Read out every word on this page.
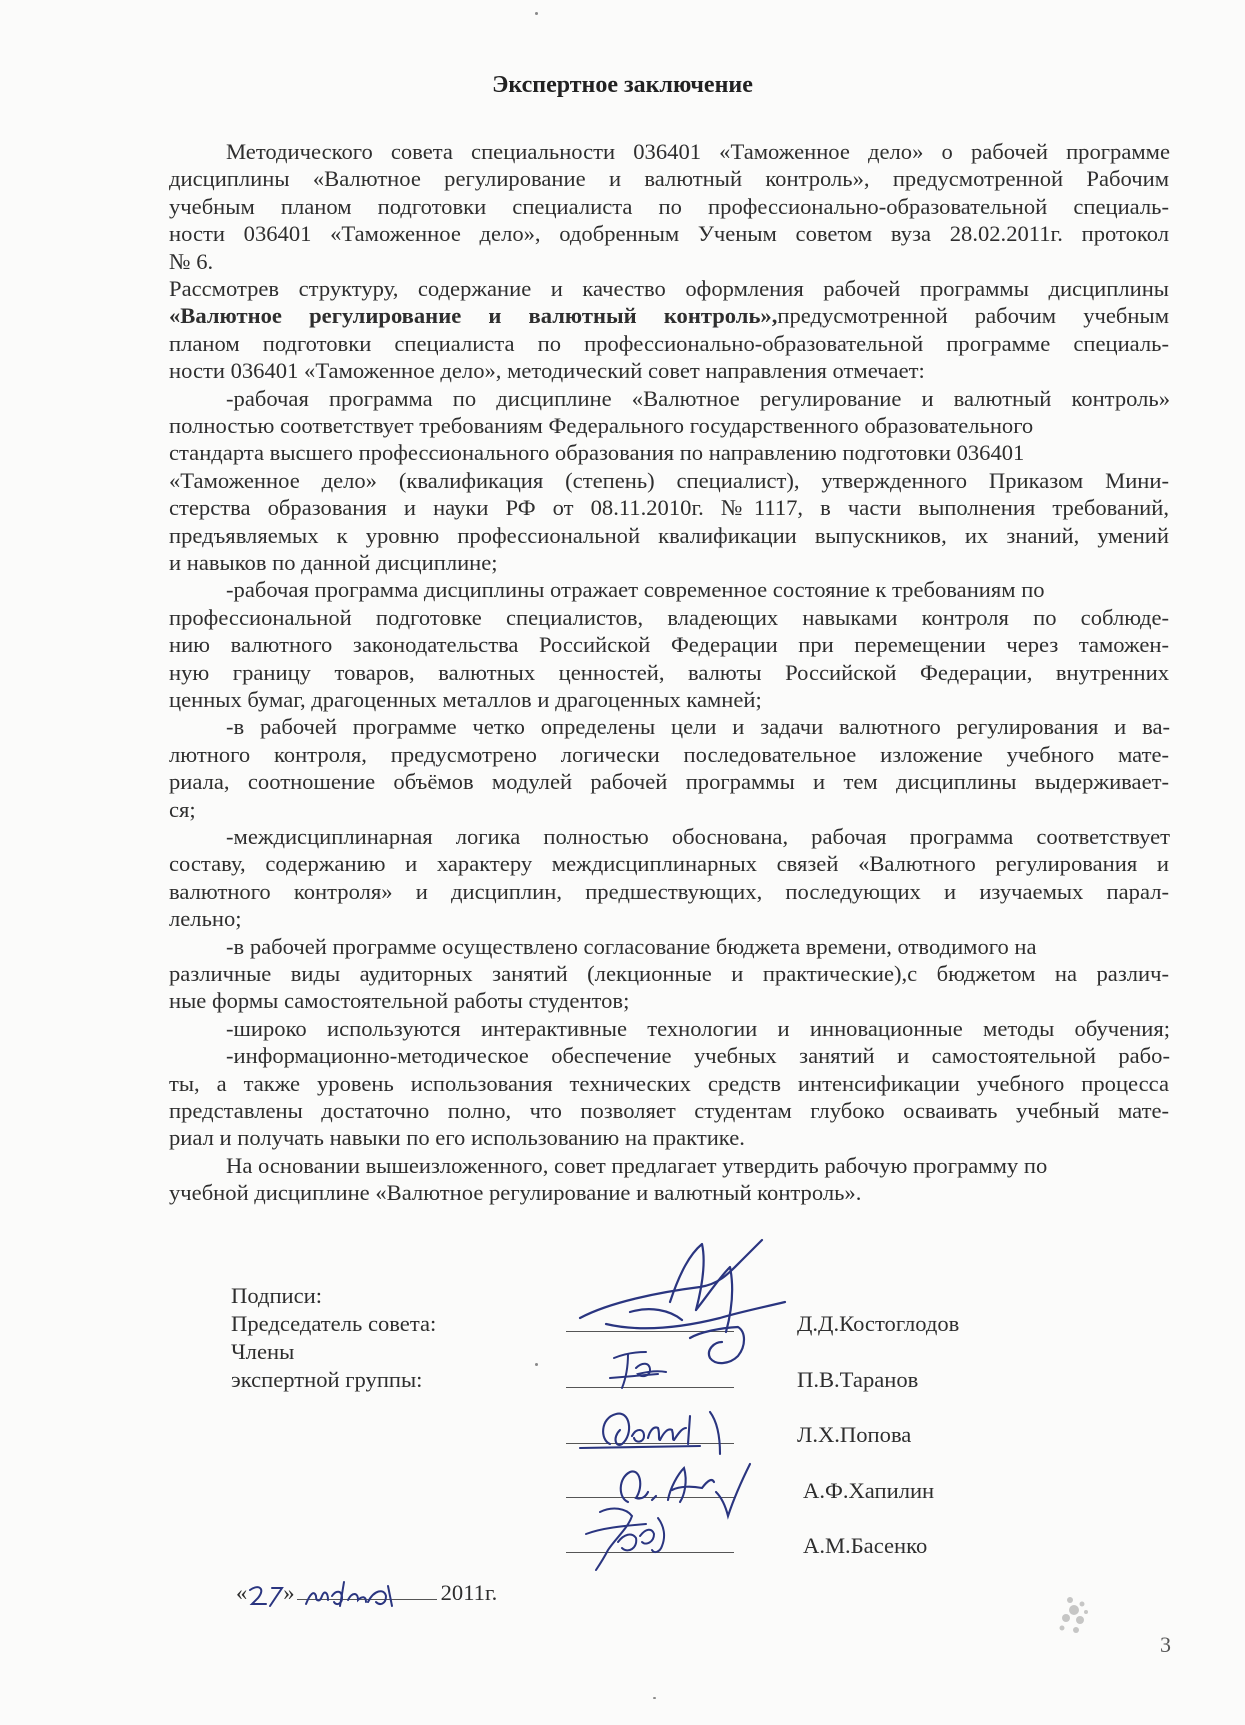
Экспертное заключение
Методического совета специальности 036401 «Таможенное дело» о рабочей программе
дисциплины «Валютное регулирование и валютный контроль», предусмотренной Рабочим
учебным планом подготовки специалиста по профессионально-образовательной специаль-
ности 036401 «Таможенное дело», одобренным Ученым советом вуза 28.02.2011г. протокол
№ 6.
Рассмотрев структуру, содержание и качество оформления рабочей программы дисциплины
«Валютное регулирование и валютный контроль»,предусмотренной рабочим учебным
планом подготовки специалиста по профессионально-образовательной программе специаль-
ности 036401 «Таможенное дело», методический совет направления отмечает:
-рабочая программа по дисциплине «Валютное регулирование и валютный контроль»
полностью соответствует требованиям Федерального государственного образовательного
стандарта высшего профессионального образования по направлению подготовки 036401
«Таможенное дело» (квалификация (степень) специалист), утвержденного Приказом Мини-
стерства образования и науки РФ от 08.11.2010г. №1117, в части выполнения требований,
предъявляемых к уровню профессиональной квалификации выпускников, их знаний, умений
и навыков по данной дисциплине;
-рабочая программа дисциплины отражает современное состояние к требованиям по
профессиональной подготовке специалистов, владеющих навыками контроля по соблюде-
нию валютного законодательства Российской Федерации при перемещении через таможен-
ную границу товаров, валютных ценностей, валюты Российской Федерации, внутренних
ценных бумаг, драгоценных металлов и драгоценных камней;
-в рабочей программе четко определены цели и задачи валютного регулирования и ва-
лютного контроля, предусмотрено логически последовательное изложение учебного мате-
риала, соотношение объёмов модулей рабочей программы и тем дисциплины выдерживает-
ся;
-междисциплинарная логика полностью обоснована, рабочая программа соответствует
составу, содержанию и характеру междисциплинарных связей «Валютного регулирования и
валютного контроля» и дисциплин, предшествующих, последующих и изучаемых парал-
лельно;
-в рабочей программе осуществлено согласование бюджета времени, отводимого на
различные виды аудиторных занятий (лекционные и практические),с бюджетом на различ-
ные формы самостоятельной работы студентов;
-широко используются интерактивные технологии и инновационные методы обучения;
-информационно-методическое обеспечение учебных занятий и самостоятельной рабо-
ты, а также уровень использования технических средств интенсификации учебного процесса
представлены достаточно полно, что позволяет студентам глубоко осваивать учебный мате-
риал и получать навыки по его использованию на практике.
На основании вышеизложенного, совет предлагает утвердить рабочую программу по
учебной дисциплине «Валютное регулирование и валютный контроль».
Подписи:
Председатель совета:
Члены
экспертной группы:
Д.Д.Костоглодов
П.В.Таранов
Л.Х.Попова
А.Ф.Хапилин
А.М.Басенко
« »	2011г.
3
